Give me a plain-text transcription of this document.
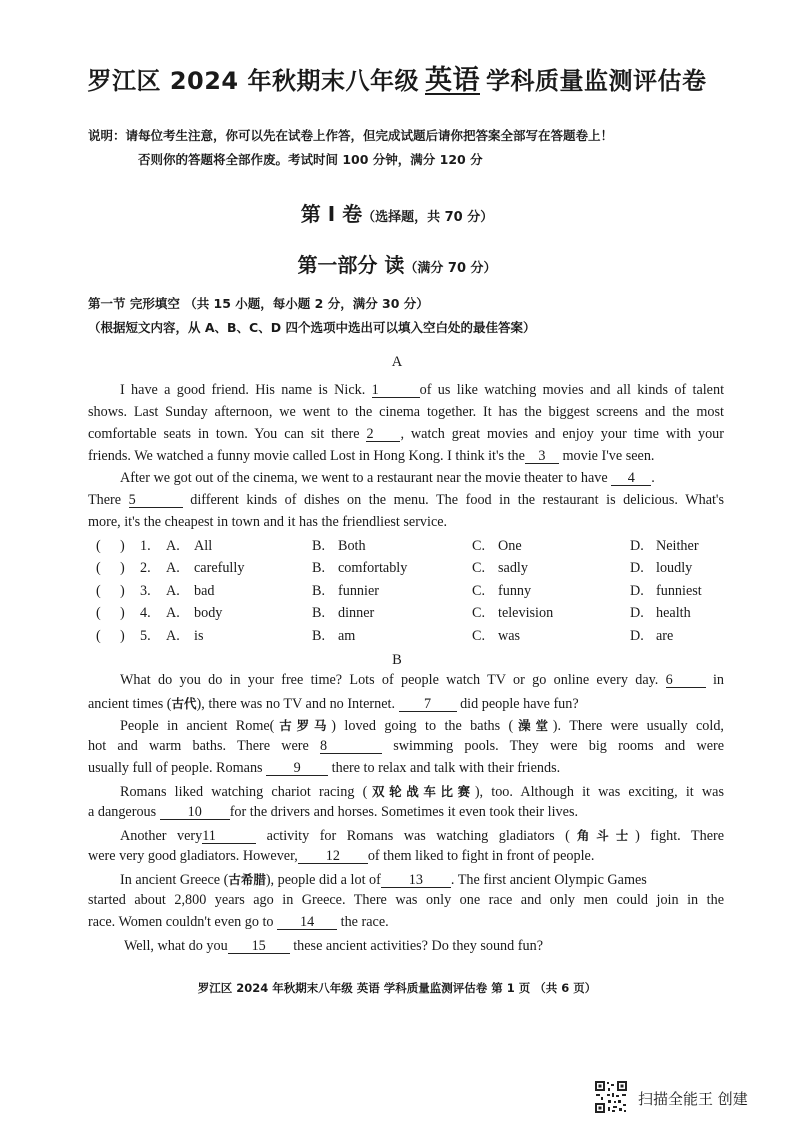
罗江区 2024 年秋期末八年级 英语 学科质量监测评估卷
说明：请每位考生注意，你可以先在试卷上作答，但完成试题后请你把答案全部写在答题卷上！
否则你的答题将全部作废。考试时间 100 分钟，满分 120 分
第 I 卷（选择题，共 70 分）
第一部分 读（满分 70 分）
第一节 完形填空 （共 15 小题，每小题 2 分，满分 30 分）
（根据短文内容，从 A、B、C、D 四个选项中选出可以填入空白处的最佳答案）
A
I have a good friend. His name is Nick. 1	of us like watching movies and all kinds of talent
shows. Last Sunday afternoon, we went to the cinema together. It has the biggest screens and the most
comfortable seats in town. You can sit there 2 , watch great movies and enjoy your time with your
friends. We watched a funny movie called Lost in Hong Kong. I think it's the 3 movie I've seen.
After we got out of the cinema, we went to a restaurant near the movie theater to have 4 .
There 5	different kinds of dishes on the menu. The food in the restaurant is delicious. What's
more, it's the cheapest in town and it has the friendliest service.
( ) 1. A. All	B. Both	C. One	D. Neither
( ) 2. A. carefully	B. comfortably	C. sadly	D. loudly
( ) 3. A. bad	B. funnier	C. funny	D. funniest
( ) 4. A. body	B. dinner	C. television	D. health
( ) 5. A. is	B. am	C. was	D. are
B
What do you do in your free time? Lots of people watch TV or go online every day. 6	in
ancient times (古代), there was no TV and no Internet. 7 did people have fun?
People in ancient Rome(古罗马) loved going to the baths (澡堂). There were usually cold,
hot and warm baths. There were 8	swimming pools. They were big rooms and were
usually full of people. Romans 9 there to relax and talk with their friends.
Romans liked watching chariot racing (双轮战车比赛), too. Although it was exciting, it was
a dangerous 10 for the drivers and horses. Sometimes it even took their lives.
Another very11	activity for Romans was watching gladiators (角斗士) fight. There
were very good gladiators. However, 12 of them liked to fight in front of people.
In ancient Greece (古希腊), people did a lot of 13 . The first ancient Olympic Games
started about 2,800 years ago in Greece. There was only one race and only men could join in the
race. Women couldn't even go to 14 the race.
Well, what do you 15 these ancient activities? Do they sound fun?
罗江区 2024 年秋期末八年级 英语 学科质量监测评估卷 第 1 页 （共 6 页）
扫描全能王 创建
